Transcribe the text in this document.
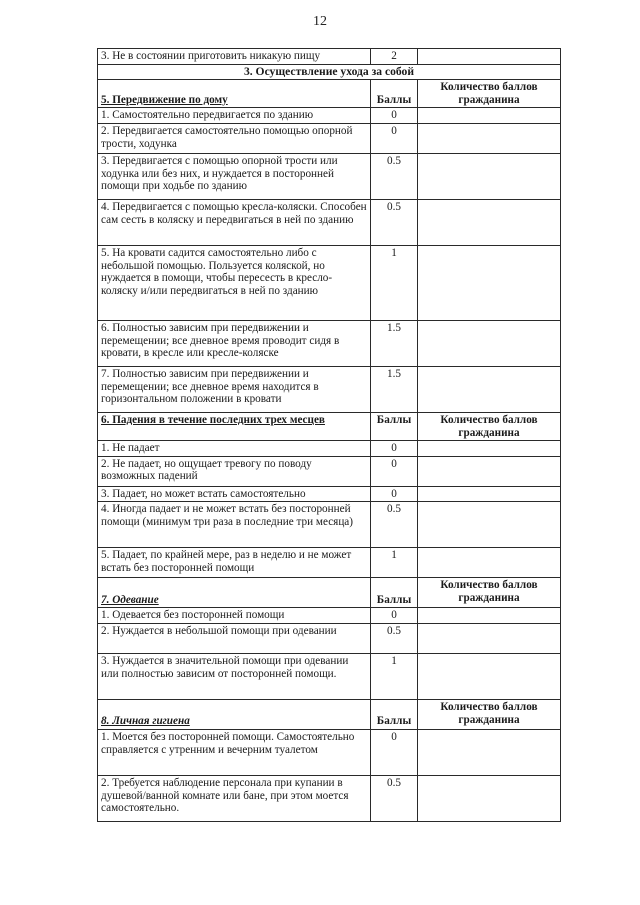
12
3. Не в состоянии приготовить никакую пищу	2	
3. Осуществление ухода за собой		
5. Передвижение по дому	Баллы	Количество баллов гражданина
1. Самостоятельно передвигается по зданию	0	
2. Передвигается самостоятельно помощью опорной трости, ходунка	0	
3. Передвигается с помощью опорной трости или ходунка или без них, и нуждается в посторонней помощи при ходьбе по зданию	0.5	
4. Передвигается с помощью кресла-коляски. Способен сам сесть в коляску и передвигаться в ней по зданию	0.5	
5. На кровати садится самостоятельно либо с небольшой помощью. Пользуется коляской, но нуждается в помощи, чтобы пересесть в кресло-коляску и/или передвигаться в ней по зданию	1	
6. Полностью зависим при передвижении и перемещении; все дневное время проводит сидя в кровати, в кресле или кресле-коляске	1.5	
7. Полностью зависим при передвижении и перемещении; все дневное время находится в горизонтальном положении в кровати	1.5	
6. Падения в течение последних трех месцев	Баллы	Количество баллов гражданина
1. Не падает	0	
2. Не падает, но ощущает тревогу по поводу возможных падений	0	
3. Падает, но может встать самостоятельно	0	
4. Иногда падает и не может встать без посторонней помощи (минимум три раза в последние три месяца)	0.5	
5. Падает, по крайней мере, раз в неделю и не может встать без посторонней помощи	1	
7. Одевание	Баллы	Количество баллов гражданина
1. Одевается без посторонней помощи	0	
2. Нуждается в небольшой помощи при одевании	0.5	
3. Нуждается в значительной помощи при одевании или полностью зависим от посторонней помощи.	1	
8. Личная гигиена	Баллы	Количество баллов гражданина
1. Моется без посторонней помощи. Самостоятельно справляется с утренним и вечерним туалетом	0	
2. Требуется наблюдение персонала при купании в душевой/ванной комнате или бане, при этом моется самостоятельно.	0.5	
